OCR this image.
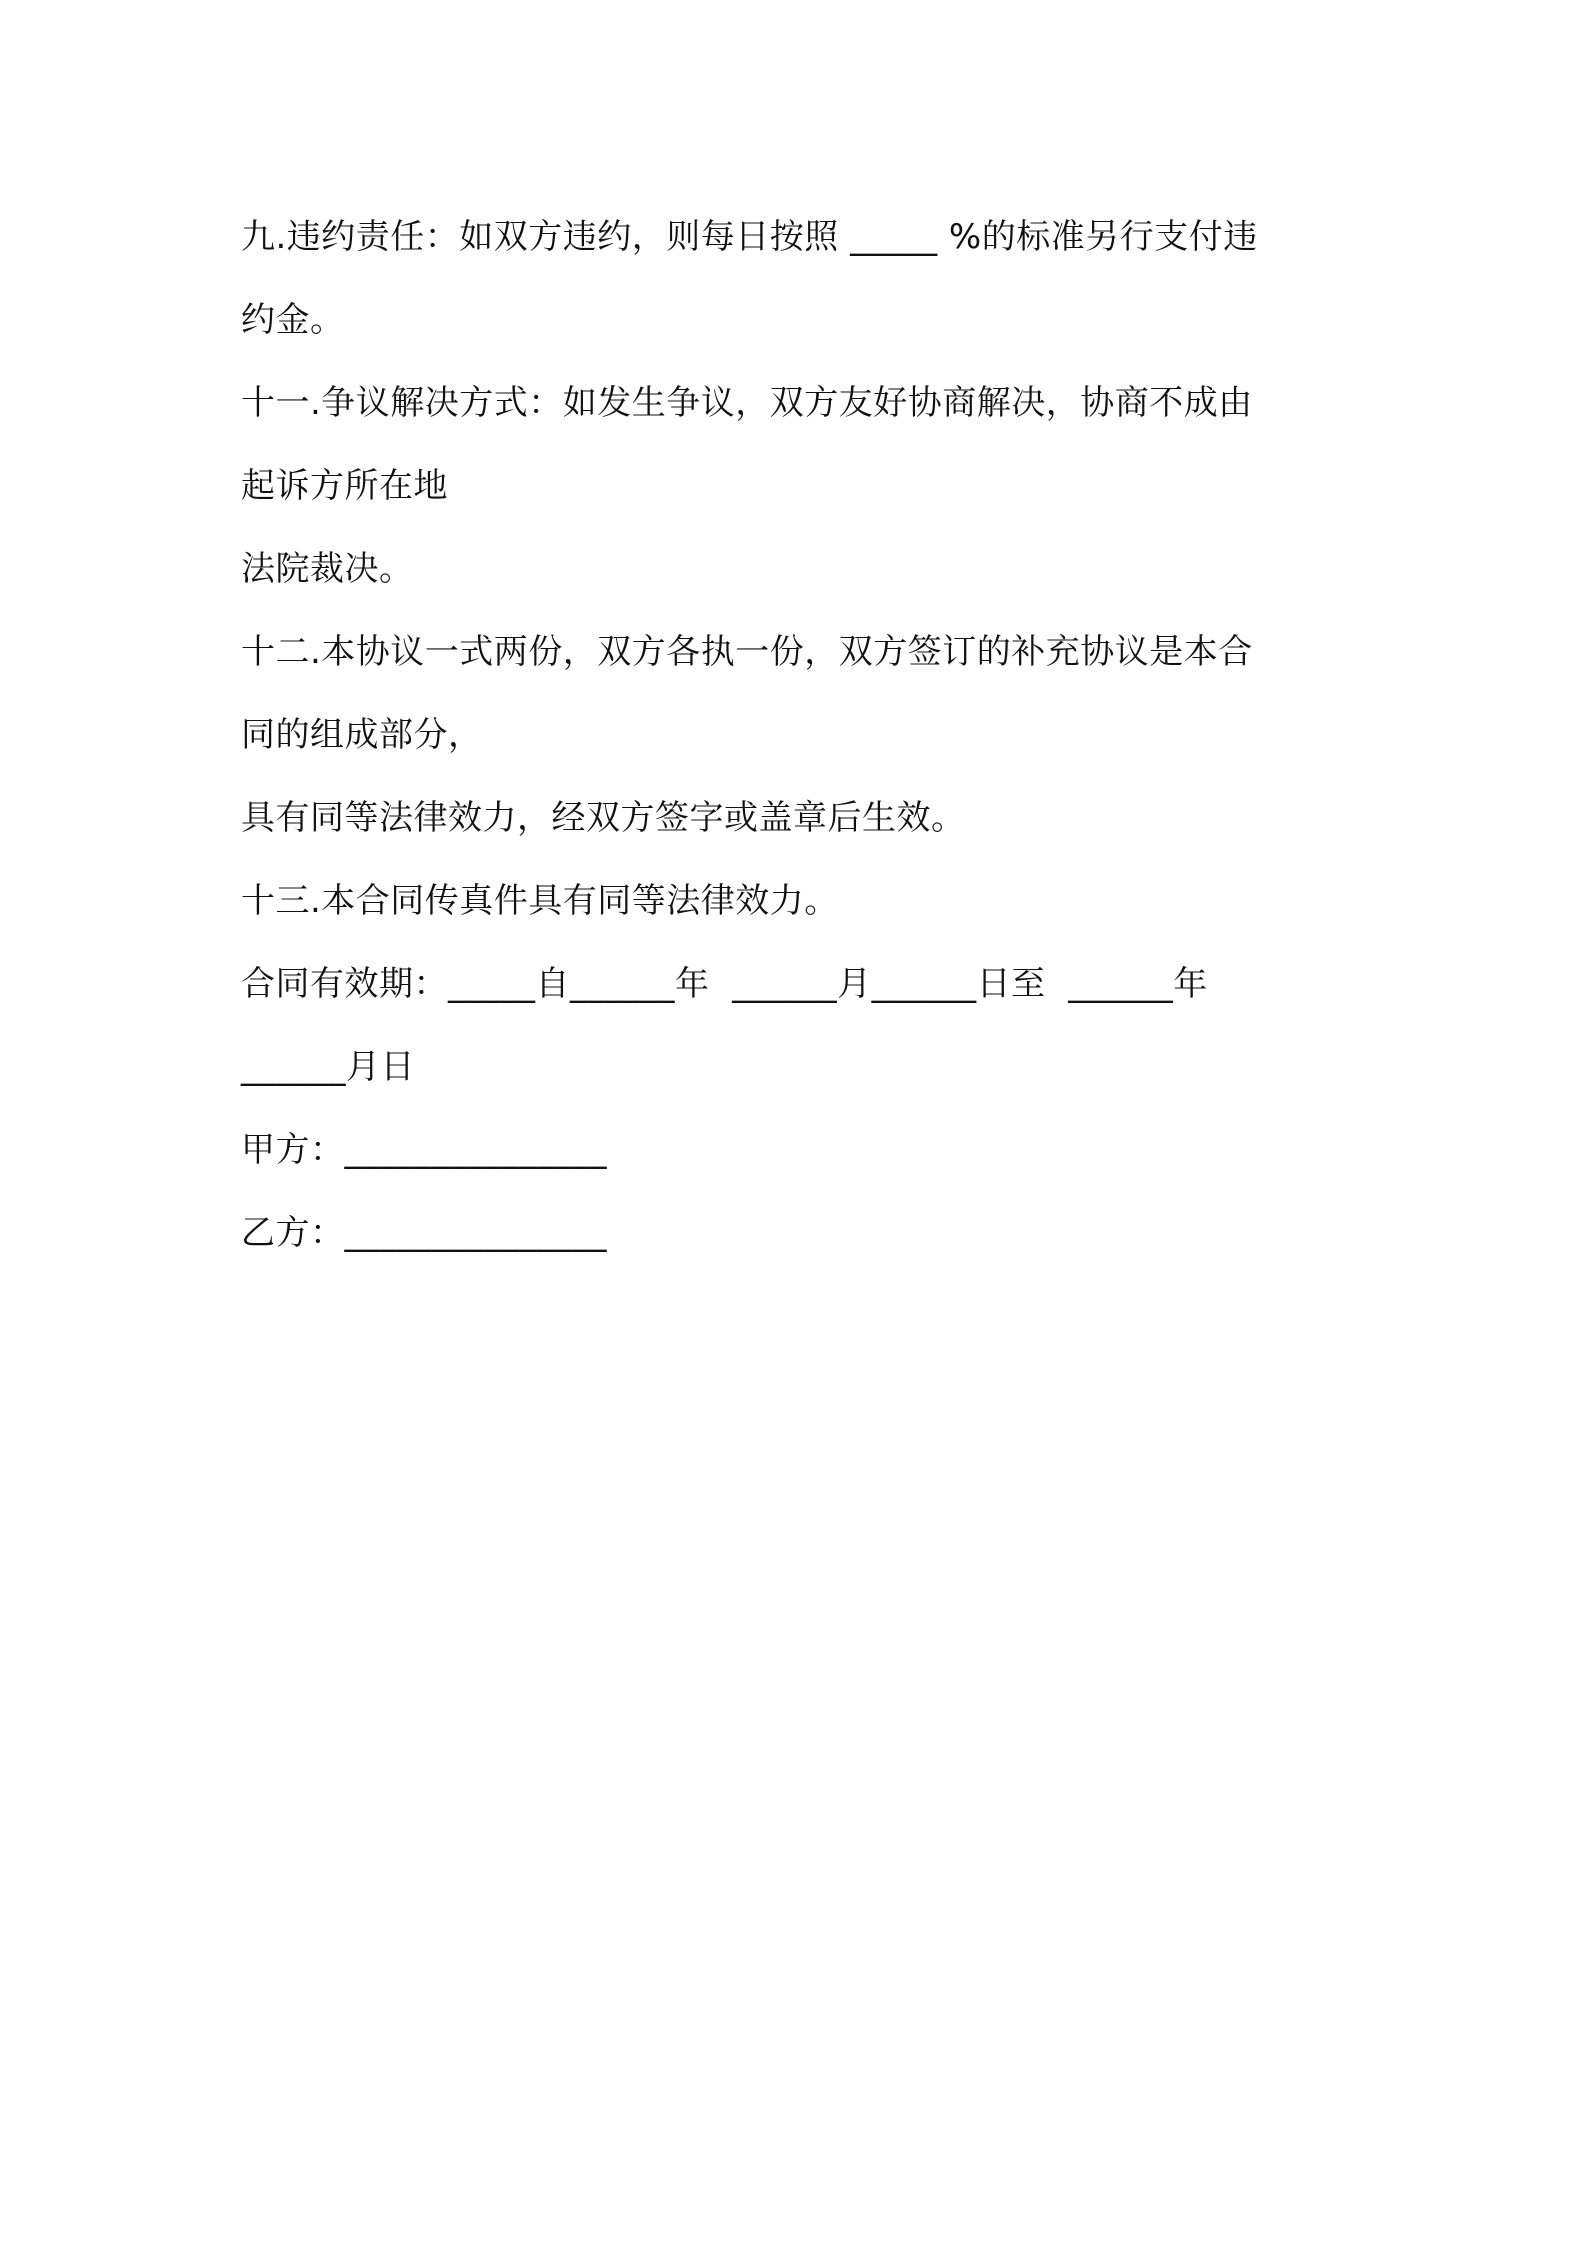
九.违约责任：如双方违约，则每日按照 _____ %的标准另行支付违
约金。
十一.争议解决方式：如发生争议，双方友好协商解决，协商不成由
起诉方所在地
法院裁决。
十二.本协议一式两份，双方各执一份，双方签订的补充协议是本合
同的组成部分，
具有同等法律效力，经双方签字或盖章后生效。
十三.本合同传真件具有同等法律效力。
合同有效期：_____自______年  ______月______日至  ______年
______月日
甲方：_______________
乙方：_______________
